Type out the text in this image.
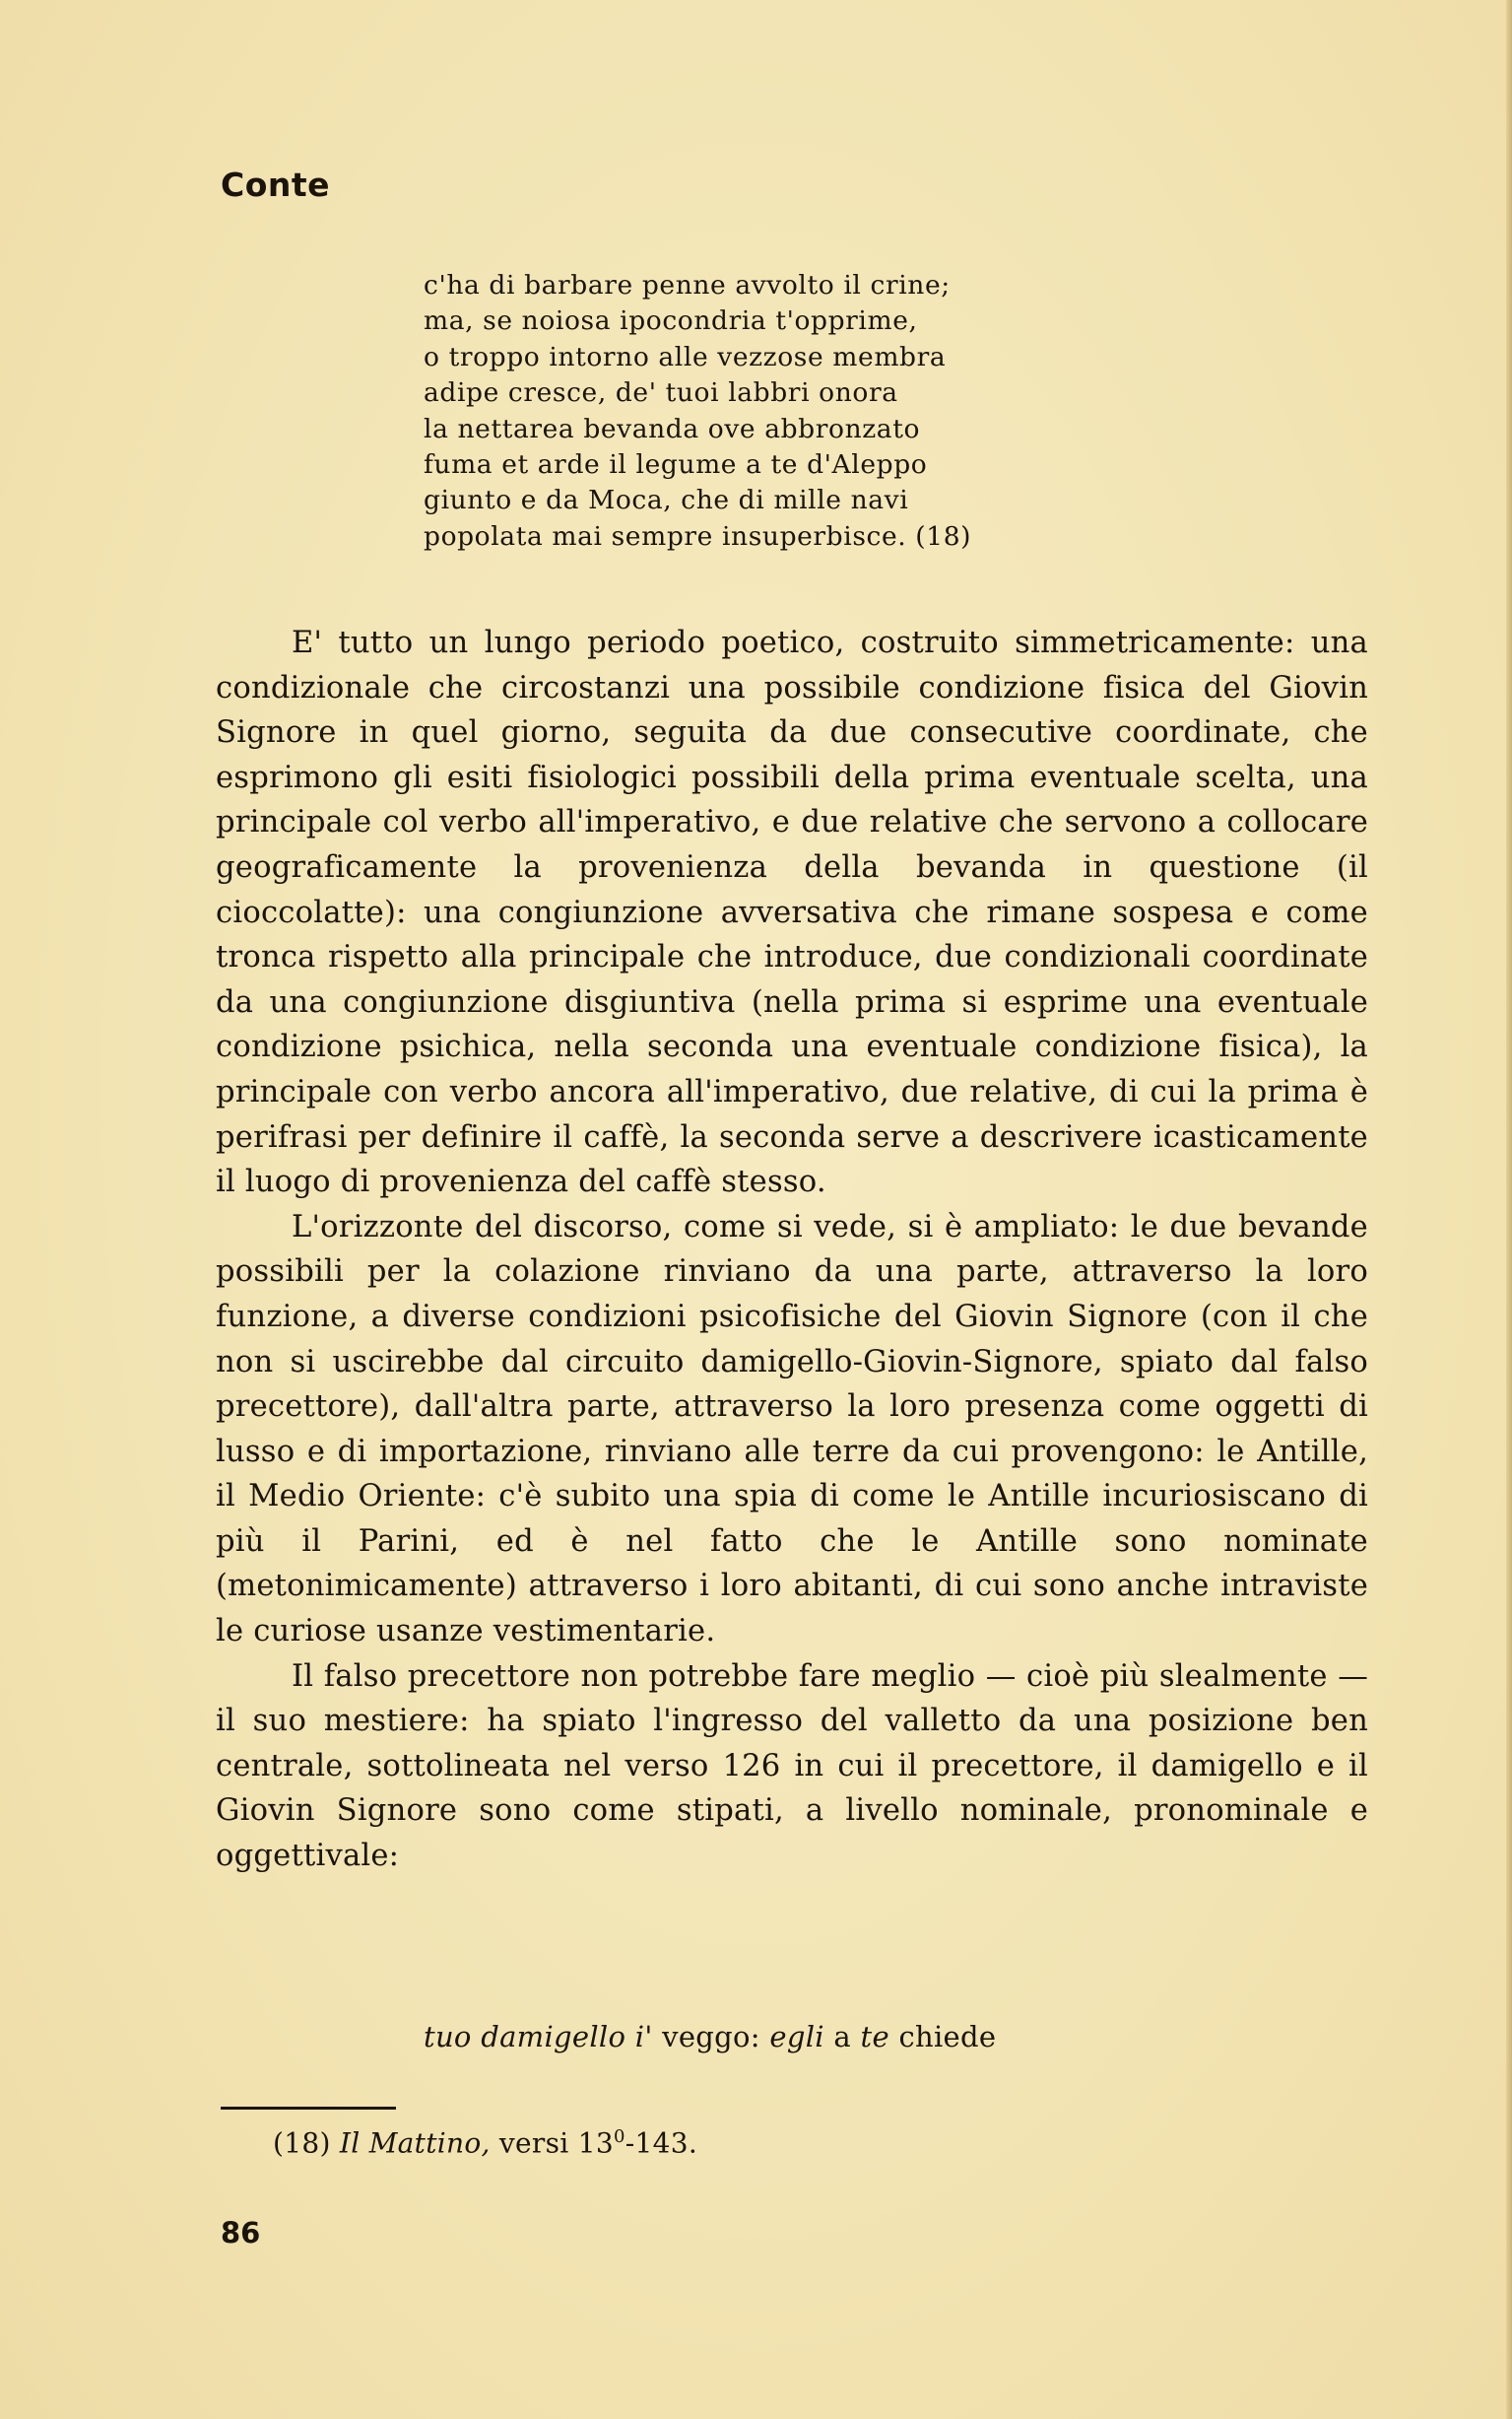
Conte
c'ha di barbare penne avvolto il crine;
ma, se noiosa ipocondria t'opprime,
o troppo intorno alle vezzose membra
adipe cresce, de' tuoi labbri onora
la nettarea bevanda ove abbronzato
fuma et arde il legume a te d'Aleppo
giunto e da Moca, che di mille navi
popolata mai sempre insuperbisce. (18)

E' tutto un lungo periodo poetico, costruito simmetricamente: una condizionale che circostanzi una possibile condizione fisica del Giovin Signore in quel giorno, seguita da due consecutive coordinate, che esprimono gli esiti fisiologici possibili della prima eventuale scelta, una principale col verbo all'imperativo, e due relative che servono a collocare geograficamente la provenienza della bevanda in questione (il cioccolatte): una congiunzione avversativa che rimane sospesa e come tronca rispetto alla principale che introduce, due condizionali coordinate da una congiunzione disgiuntiva (nella prima si esprime una eventuale condizione psichica, nella seconda una eventuale condizione fisica), la principale con verbo ancora all'imperativo, due relative, di cui la prima è perifrasi per definire il caffè, la seconda serve a descrivere icasticamente il luogo di provenienza del caffè stesso.

L'orizzonte del discorso, come si vede, si è ampliato: le due bevande possibili per la colazione rinviano da una parte, attraverso la loro funzione, a diverse condizioni psicofisiche del Giovin Signore (con il che non si uscirebbe dal circuito damigello-Giovin-Signore, spiato dal falso precettore), dall'altra parte, attraverso la loro presenza come oggetti di lusso e di importazione, rinviano alle terre da cui provengono: le Antille, il Medio Oriente: c'è subito una spia di come le Antille incuriosiscano di più il Parini, ed è nel fatto che le Antille sono nominate (metonimicamente) attraverso i loro abitanti, di cui sono anche intraviste le curiose usanze vestimentarie.

Il falso precettore non potrebbe fare meglio — cioè più slealmente — il suo mestiere: ha spiato l'ingresso del valletto da una posizione ben centrale, sottolineata nel verso 126 in cui il precettore, il damigello e il Giovin Signore sono come stipati, a livello nominale, pronominale e oggettivale:

tuo damigello i' veggo: egli a te chiede
(18) Il Mattino, versi $13^0-143$.
86
